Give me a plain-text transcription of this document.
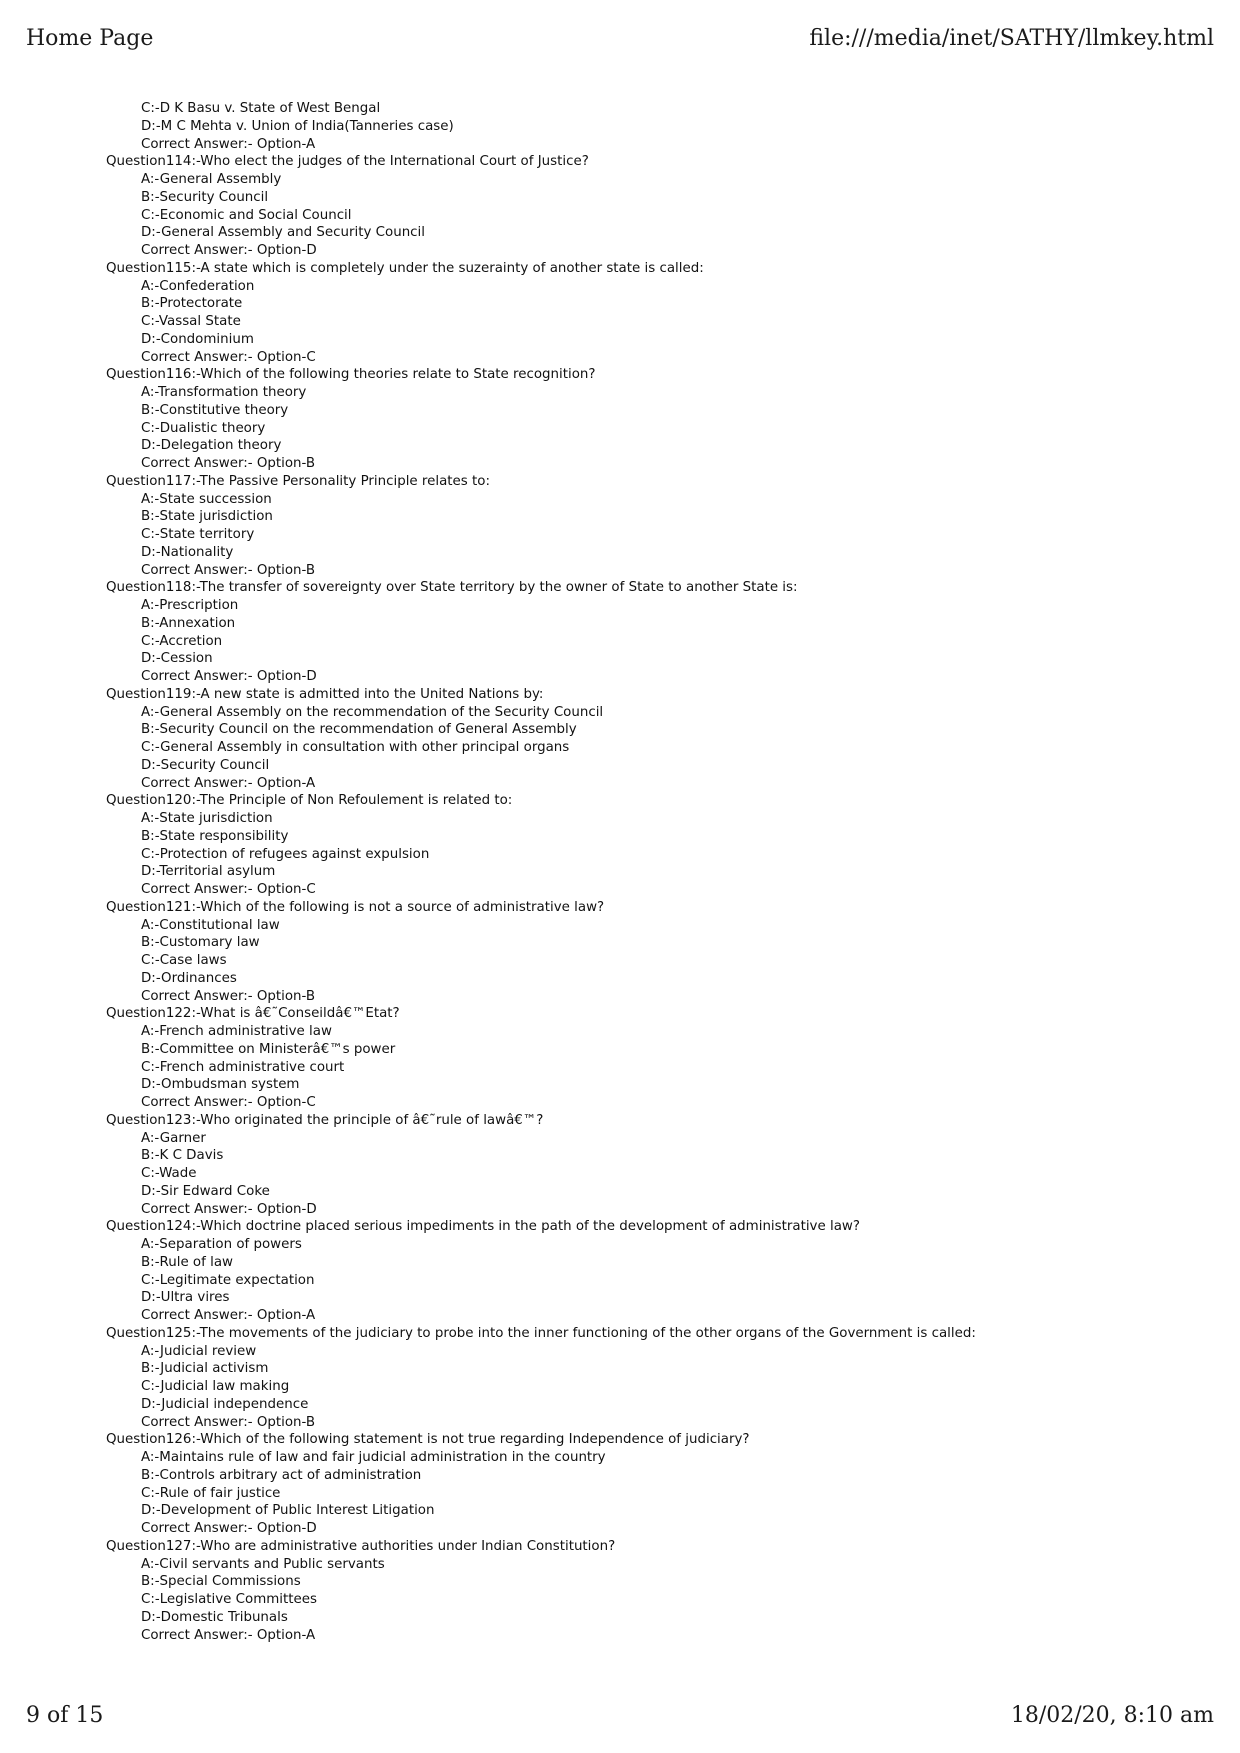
Home Page	file:///media/inet/SATHY/llmkey.html
C:-D K Basu v. State of West Bengal
D:-M C Mehta v. Union of India(Tanneries case)
Correct Answer:- Option-A
Question114:-Who elect the judges of the International Court of Justice?
A:-General Assembly
B:-Security Council
C:-Economic and Social Council
D:-General Assembly and Security Council
Correct Answer:- Option-D
Question115:-A state which is completely under the suzerainty of another state is called:
A:-Confederation
B:-Protectorate
C:-Vassal State
D:-Condominium
Correct Answer:- Option-C
Question116:-Which of the following theories relate to State recognition?
A:-Transformation theory
B:-Constitutive theory
C:-Dualistic theory
D:-Delegation theory
Correct Answer:- Option-B
Question117:-The Passive Personality Principle relates to:
A:-State succession
B:-State jurisdiction
C:-State territory
D:-Nationality
Correct Answer:- Option-B
Question118:-The transfer of sovereignty over State territory by the owner of State to another State is:
A:-Prescription
B:-Annexation
C:-Accretion
D:-Cession
Correct Answer:- Option-D
Question119:-A new state is admitted into the United Nations by:
A:-General Assembly on the recommendation of the Security Council
B:-Security Council on the recommendation of General Assembly
C:-General Assembly in consultation with other principal organs
D:-Security Council
Correct Answer:- Option-A
Question120:-The Principle of Non Refoulement is related to:
A:-State jurisdiction
B:-State responsibility
C:-Protection of refugees against expulsion
D:-Territorial asylum
Correct Answer:- Option-C
Question121:-Which of the following is not a source of administrative law?
A:-Constitutional law
B:-Customary law
C:-Case laws
D:-Ordinances
Correct Answer:- Option-B
Question122:-What is â€˜Conseildâ€™Etat?
A:-French administrative law
B:-Committee on Ministerâ€™s power
C:-French administrative court
D:-Ombudsman system
Correct Answer:- Option-C
Question123:-Who originated the principle of â€˜rule of lawâ€™?
A:-Garner
B:-K C Davis
C:-Wade
D:-Sir Edward Coke
Correct Answer:- Option-D
Question124:-Which doctrine placed serious impediments in the path of the development of administrative law?
A:-Separation of powers
B:-Rule of law
C:-Legitimate expectation
D:-Ultra vires
Correct Answer:- Option-A
Question125:-The movements of the judiciary to probe into the inner functioning of the other organs of the Government is called:
A:-Judicial review
B:-Judicial activism
C:-Judicial law making
D:-Judicial independence
Correct Answer:- Option-B
Question126:-Which of the following statement is not true regarding Independence of judiciary?
A:-Maintains rule of law and fair judicial administration in the country
B:-Controls arbitrary act of administration
C:-Rule of fair justice
D:-Development of Public Interest Litigation
Correct Answer:- Option-D
Question127:-Who are administrative authorities under Indian Constitution?
A:-Civil servants and Public servants
B:-Special Commissions
C:-Legislative Committees
D:-Domestic Tribunals
Correct Answer:- Option-A
9 of 15	18/02/20, 8:10 am
